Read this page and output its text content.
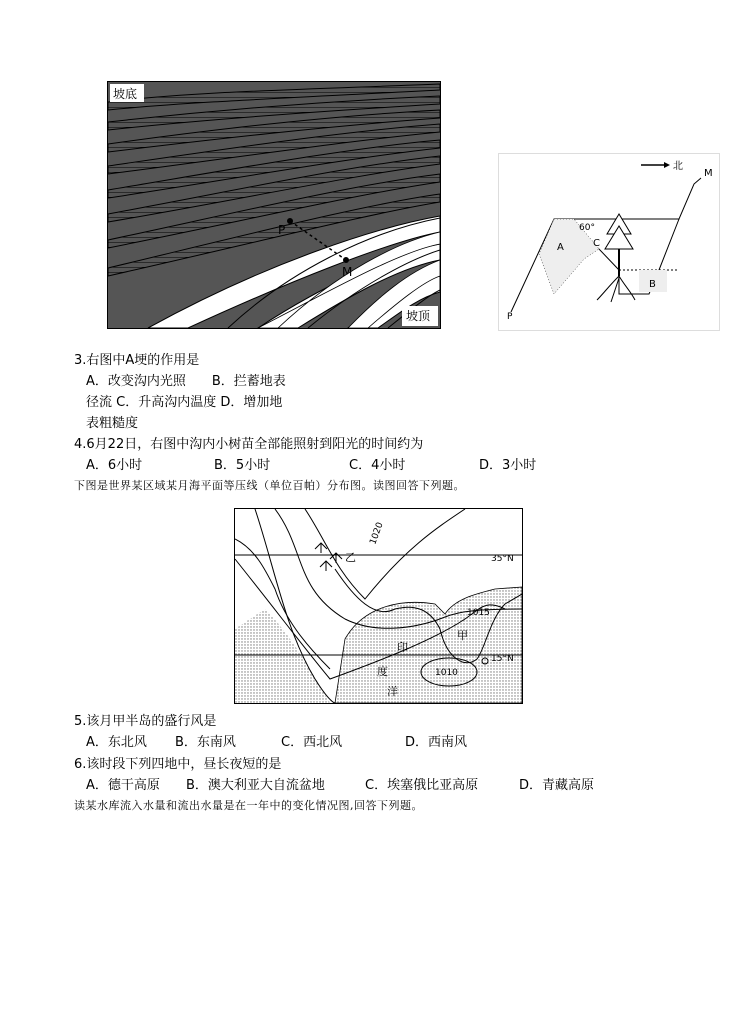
坡底
坡顶
P
M
北
M
60°
A	C
B
P
3.右图中A埂的作用是
A．改变沟内光照　　B．拦蓄地表
径流 C．升高沟内温度 D．增加地
表粗糙度
4.6月22日，右图中沟内小树苗全部能照射到阳光的时间约为
A．6小时	B．5小时	C．4小时	D．3小时
下图是世界某区域某月海平面等压线（单位百帕）分布图。读图回答下列题。
1020
1015
1010
35°N
15°N
甲
乙
印
度
洋
5.该月甲半岛的盛行风是
A．东北风 B．东南风	C．西北风	D．西南风
6.该时段下列四地中，昼长夜短的是
A．德干高原 B．澳大利亚大自流盆地	C．埃塞俄比亚高原	D．青藏高原
读某水库流入水量和流出水量是在一年中的变化情况图,回答下列题。
